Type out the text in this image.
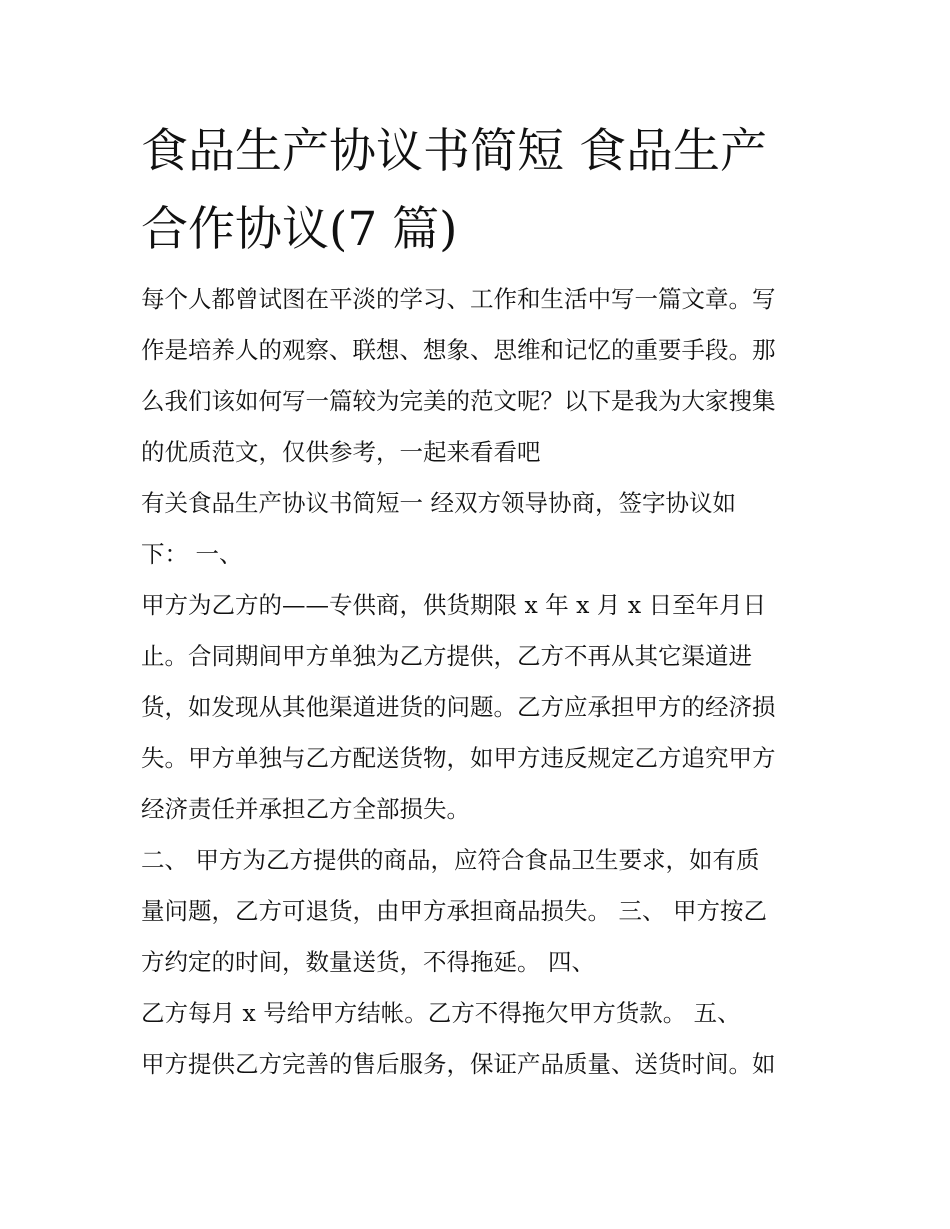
食品生产协议书简短 食品生产
合作协议(7 篇)
每个人都曾试图在平淡的学习、工作和生活中写一篇文章。写
作是培养人的观察、联想、想象、思维和记忆的重要手段。那
么我们该如何写一篇较为完美的范文呢？以下是我为大家搜集
的优质范文，仅供参考，一起来看看吧
有关食品生产协议书简短一 经双方领导协商，签字协议如
下： 一、
甲方为乙方的——专供商，供货期限 x 年 x 月 x 日至年月日
止。合同期间甲方单独为乙方提供，乙方不再从其它渠道进
货，如发现从其他渠道进货的问题。乙方应承担甲方的经济损
失。甲方单独与乙方配送货物，如甲方违反规定乙方追究甲方
经济责任并承担乙方全部损失。
二、 甲方为乙方提供的商品，应符合食品卫生要求，如有质
量问题，乙方可退货，由甲方承担商品损失。 三、 甲方按乙
方约定的时间，数量送货，不得拖延。 四、
乙方每月 x 号给甲方结帐。乙方不得拖欠甲方货款。 五、
甲方提供乙方完善的售后服务，保证产品质量、送货时间。如
